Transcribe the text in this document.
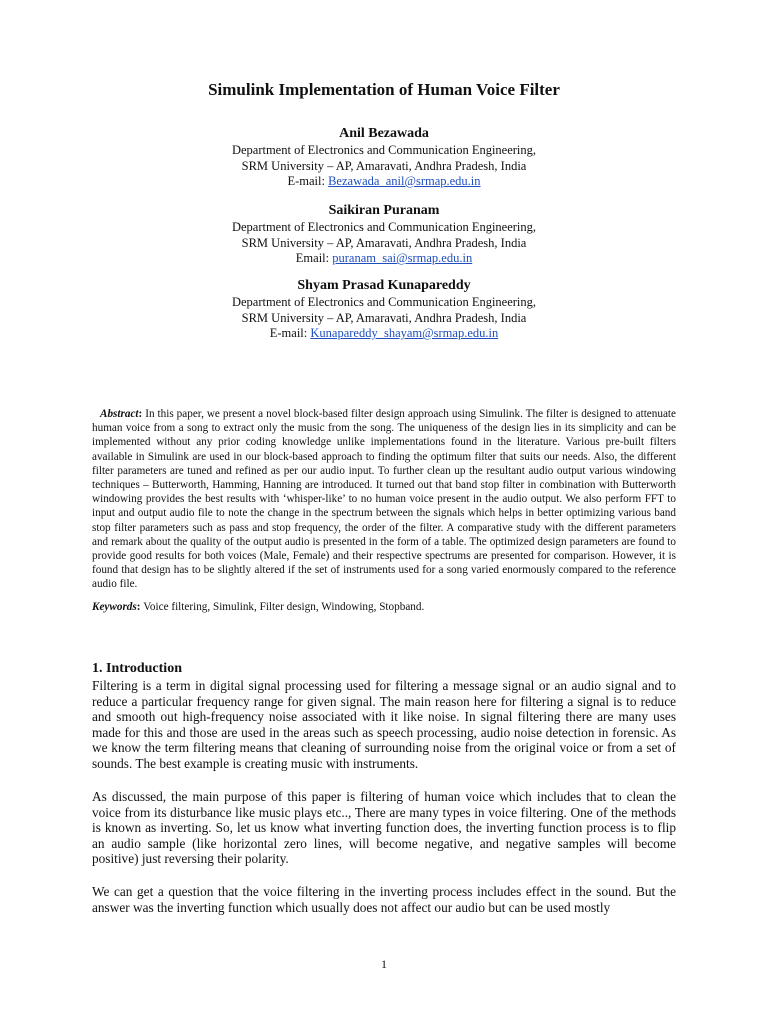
Simulink Implementation of Human Voice Filter
Anil Bezawada
Department of Electronics and Communication Engineering,
SRM University – AP, Amaravati, Andhra Pradesh, India
E-mail: Bezawada_anil@srmap.edu.in
Saikiran Puranam
Department of Electronics and Communication Engineering,
SRM University – AP, Amaravati, Andhra Pradesh, India
Email: puranam_sai@srmap.edu.in
Shyam Prasad Kunapareddy
Department of Electronics and Communication Engineering,
SRM University – AP, Amaravati, Andhra Pradesh, India
E-mail: Kunapareddy_shayam@srmap.edu.in
Abstract: In this paper, we present a novel block-based filter design approach using Simulink. The filter is designed to attenuate human voice from a song to extract only the music from the song. The uniqueness of the design lies in its simplicity and can be implemented without any prior coding knowledge unlike implementations found in the literature. Various pre-built filters available in Simulink are used in our block-based approach to finding the optimum filter that suits our needs. Also, the different filter parameters are tuned and refined as per our audio input. To further clean up the resultant audio output various windowing techniques – Butterworth, Hamming, Hanning are introduced. It turned out that band stop filter in combination with Butterworth windowing provides the best results with ‘whisper-like’ to no human voice present in the audio output. We also perform FFT to input and output audio file to note the change in the spectrum between the signals which helps in better optimizing various band stop filter parameters such as pass and stop frequency, the order of the filter. A comparative study with the different parameters and remark about the quality of the output audio is presented in the form of a table. The optimized design parameters are found to provide good results for both voices (Male, Female) and their respective spectrums are presented for comparison. However, it is found that design has to be slightly altered if the set of instruments used for a song varied enormously compared to the reference audio file.
Keywords: Voice filtering, Simulink, Filter design, Windowing, Stopband.
1. Introduction
Filtering is a term in digital signal processing used for filtering a message signal or an audio signal and to reduce a particular frequency range for given signal. The main reason here for filtering a signal is to reduce and smooth out high-frequency noise associated with it like noise. In signal filtering there are many uses made for this and those are used in the areas such as speech processing, audio noise detection in forensic. As we know the term filtering means that cleaning of surrounding noise from the original voice or from a set of sounds. The best example is creating music with instruments.
As discussed, the main purpose of this paper is filtering of human voice which includes that to clean the voice from its disturbance like music plays etc.., There are many types in voice filtering. One of the methods is known as inverting. So, let us know what inverting function does, the inverting function process is to flip an audio sample (like horizontal zero lines, will become negative, and negative samples will become positive) just reversing their polarity.
We can get a question that the voice filtering in the inverting process includes effect in the sound. But the answer was the inverting function which usually does not affect our audio but can be used mostly
1
